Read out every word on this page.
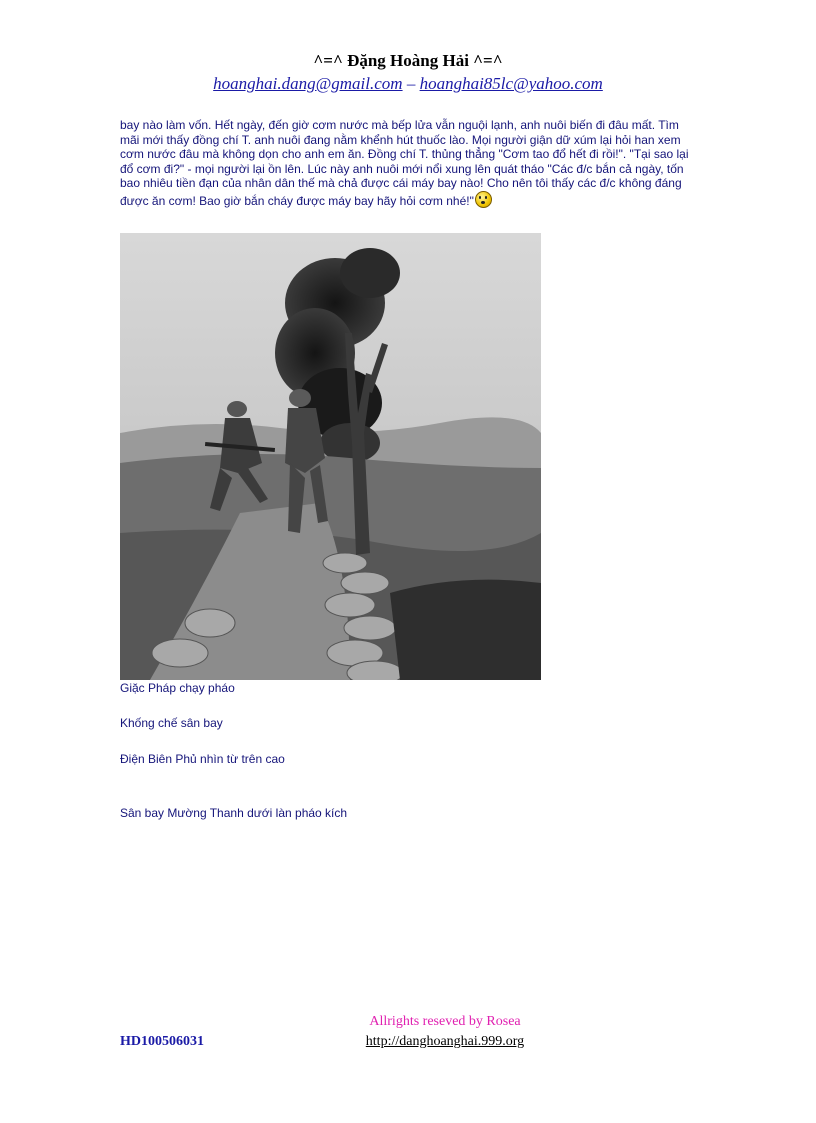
^=^ Đặng Hoàng Hải ^=^
hoanghai.dang@gmail.com – hoanghai85lc@yahoo.com

bay nào làm vốn. Hết ngày, đến giờ cơm nước mà bếp lửa vẫn nguội lạnh, anh nuôi biến đi đâu mất. Tìm mãi mới thấy đồng chí T. anh nuôi đang nằm khểnh hút thuốc lào. Mọi người giận dữ xúm lại hỏi han xem cơm nước đâu mà không dọn cho anh em ăn. Đồng chí T. thủng thẳng "Cơm tao đổ hết đi rồi!". "Tại sao lại đổ cơm đi?" - mọi người lại ồn lên. Lúc này anh nuôi mới nổi xung lên quát tháo "Các đ/c bắn cả ngày, tốn bao nhiêu tiền đạn của nhân dân thế mà chả được cái máy bay nào! Cho nên tôi thấy các đ/c không đáng được ăn cơm! Bao giờ bắn cháy được máy bay hãy hỏi cơm nhé!"

Giặc Pháp chạy pháo
Khống chế sân bay
Điện Biên Phủ nhìn từ trên cao
Sân bay Mường Thanh dưới làn pháo kích
Allrights reseved by Rosea
http://danghoanghai.999.org
HD100506031
